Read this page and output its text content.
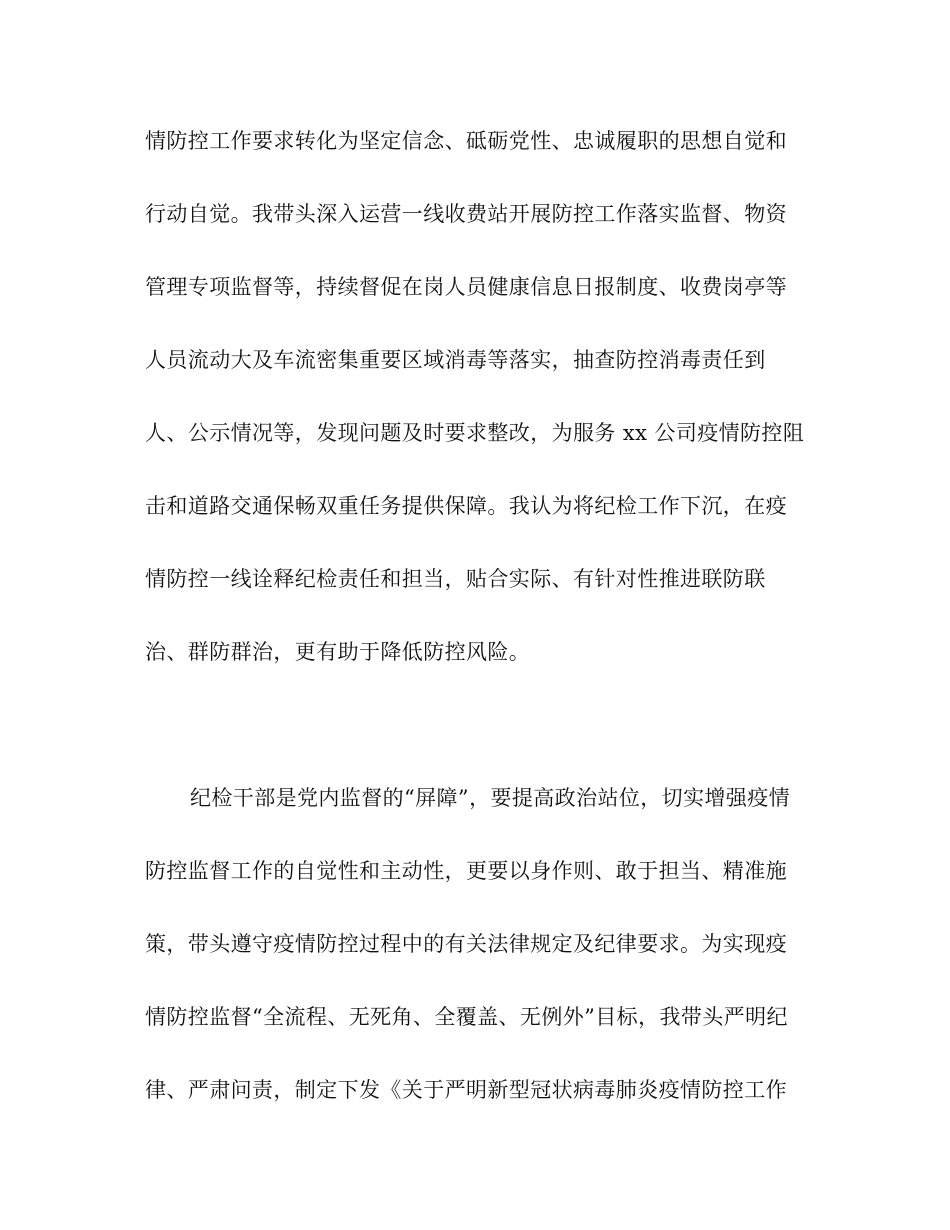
情防控工作要求转化为坚定信念、砥砺党性、忠诚履职的思想自觉和
行动自觉。我带头深入运营一线收费站开展防控工作落实监督、物资
管理专项监督等，持续督促在岗人员健康信息日报制度、收费岗亭等
人员流动大及车流密集重要区域消毒等落实，抽查防控消毒责任到
人、公示情况等，发现问题及时要求整改，为服务 xx 公司疫情防控阻
击和道路交通保畅双重任务提供保障。我认为将纪检工作下沉，在疫
情防控一线诠释纪检责任和担当，贴合实际、有针对性推进联防联
治、群防群治，更有助于降低防控风险。
纪检干部是党内监督的“屏障”，要提高政治站位，切实增强疫情
防控监督工作的自觉性和主动性，更要以身作则、敢于担当、精准施
策，带头遵守疫情防控过程中的有关法律规定及纪律要求。为实现疫
情防控监督“全流程、无死角、全覆盖、无例外”目标，我带头严明纪
律、严肃问责，制定下发《关于严明新型冠状病毒肺炎疫情防控工作
